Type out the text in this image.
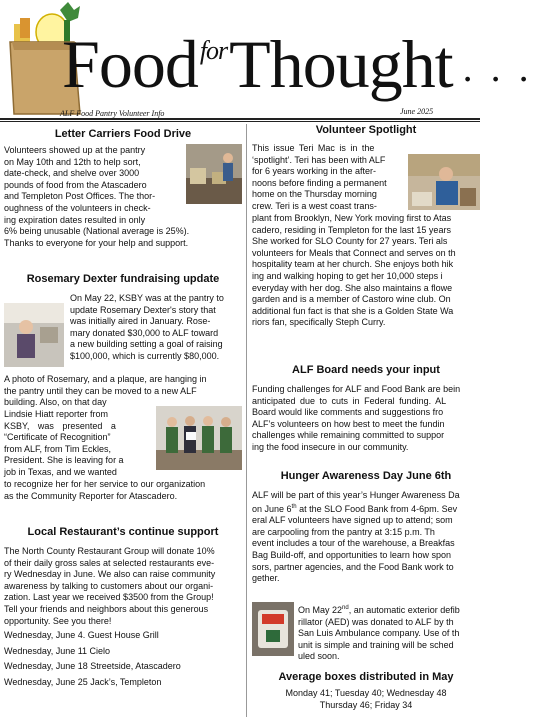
Food$^{for}$Thought . . .
ALF Food Pantry Volunteer Info	June 2025
Letter Carriers Food Drive
Volunteers showed up at the pantry
on May 10th and 12th to help sort,
date-check, and shelve over 3000
pounds of food from the Atascadero
and Templeton Post Offices. The thor-
oughness of the volunteers in check-
ing expiration dates resulted in only
6% being unusable (National average is 25%).
Thanks to everyone for your help and support.
Rosemary Dexter fundraising update
On May 22, KSBY was at the pantry to
update Rosemary Dexter's story that
was initially aired in January. Rose-
mary donated $30,000 to ALF toward
a new building setting a goal of raising
$100,000, which is currently $80,000.
A photo of Rosemary, and a plaque, are hanging in
the pantry until they can be moved to a new ALF
building. Also, on that day
Lindsie Hiatt reporter from
KSBY, was presented a
“Certificate of Recognition”
from ALF, from Tim Eckles,
President. She is leaving for a
job in Texas, and we wanted
to recognize her for her service to our organization
as the Community Reporter for Atascadero.
Local Restaurant’s continue support
The North County Restaurant Group will donate 10%
of their daily gross sales at selected restaurants eve-
ry Wednesday in June. We also can raise community
awareness by talking to customers about our organi-
zation. Last year we received $3500 from the Group!
Tell your friends and neighbors about this generous
opportunity. See you there!
Wednesday, June 4. Guest House Grill
Wednesday, June 11 Cielo
Wednesday, June 18 Streetside, Atascadero
Wednesday, June 25 Jack’s, Templeton
Volunteer Spotlight
This issue Teri Mac is in the
‘spotlight’. Teri has been with ALF
for 6 years working in the after-
noons before finding a permanent
home on the Thursday morning
crew. Teri is a west coast trans-
plant from Brooklyn, New York moving first to Atas
cadero, residing in Templeton for the last 15 years
She worked for SLO County for 27 years. Teri als
volunteers for Meals that Connect and serves on th
hospitality team at her church. She enjoys both hik
ing and walking hoping to get her 10,000 steps i
everyday with her dog. She also maintains a flowe
garden and is a member of Castoro wine club. On
additional fun fact is that she is a Golden State Wa
riors fan, specifically Steph Curry.
ALF Board needs your input
Funding challenges for ALF and Food Bank are bein
anticipated due to cuts in Federal funding. AL
Board would like comments and suggestions fro
ALF’s volunteers on how best to meet the fundin
challenges while remaining committed to suppor
ing the food insecure in our community.
Hunger Awareness Day June 6th
ALF will be part of this year’s Hunger Awareness Da
on June 6th at the SLO Food Bank from 4-6pm. Sev
eral ALF volunteers have signed up to attend; som
are carpooling from the pantry at 3:15 p.m. Th
event includes a tour of the warehouse, a Breakfas
Bag Build-off, and opportunities to learn how spon
sors, partner agencies, and the Food Bank work to
gether.
On May 22nd, an automatic exterior defib
rillator (AED) was donated to ALF by th
San Luis Ambulance company. Use of th
unit is simple and training will be sched
uled soon.
Average boxes distributed in May
Monday 41; Tuesday 40; Wednesday 48
Thursday 46; Friday 34
